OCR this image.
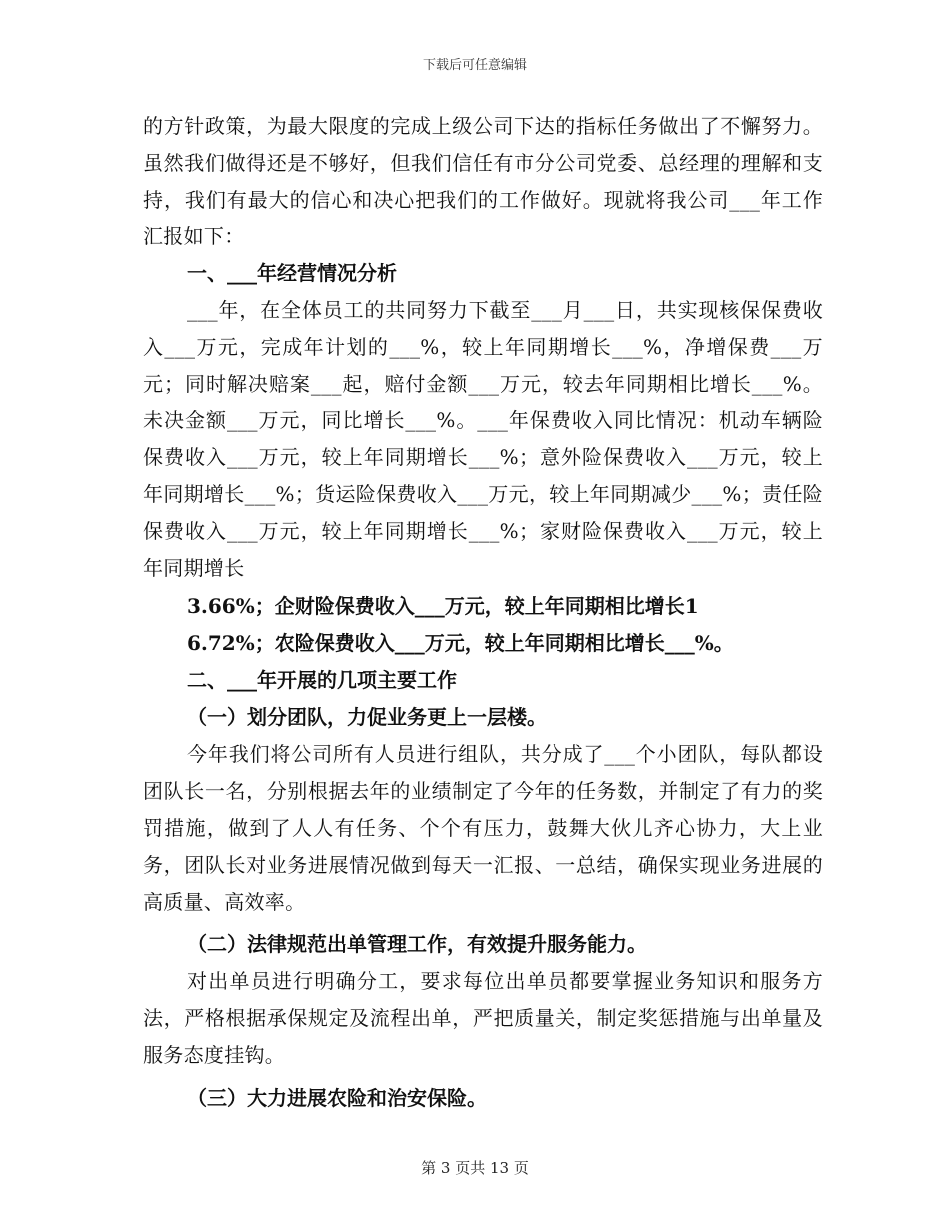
下载后可任意编辑

的方针政策，为最大限度的完成上级公司下达的指标任务做出了不懈努力。虽然我们做得还是不够好，但我们信任有市分公司党委、总经理的理解和支持，我们有最大的信心和决心把我们的工作做好。现就将我公司___年工作汇报如下：

一、___年经营情况分析

___年，在全体员工的共同努力下截至___月___日，共实现核保保费收入___万元，完成年计划的___%，较上年同期增长___%，净增保费___万元；同时解决赔案___起，赔付金额___万元，较去年同期相比增长___%。未决金额___万元，同比增长___%。___年保费收入同比情况：机动车辆险保费收入___万元，较上年同期增长___%；意外险保费收入___万元，较上年同期增长___%；货运险保费收入___万元，较上年同期减少___%；责任险保费收入___万元，较上年同期增长___%；家财险保费收入___万元，较上年同期增长

3.66%；企财险保费收入___万元，较上年同期相比增长1

6.72%；农险保费收入___万元，较上年同期相比增长___%。

二、___年开展的几项主要工作

（一）划分团队，力促业务更上一层楼。

今年我们将公司所有人员进行组队，共分成了___个小团队，每队都设团队长一名，分别根据去年的业绩制定了今年的任务数，并制定了有力的奖罚措施，做到了人人有任务、个个有压力，鼓舞大伙儿齐心协力，大上业务，团队长对业务进展情况做到每天一汇报、一总结，确保实现业务进展的高质量、高效率。

（二）法律规范出单管理工作，有效提升服务能力。

对出单员进行明确分工，要求每位出单员都要掌握业务知识和服务方法，严格根据承保规定及流程出单，严把质量关，制定奖惩措施与出单量及服务态度挂钩。

（三）大力进展农险和治安保险。

第 3 页共 13 页
